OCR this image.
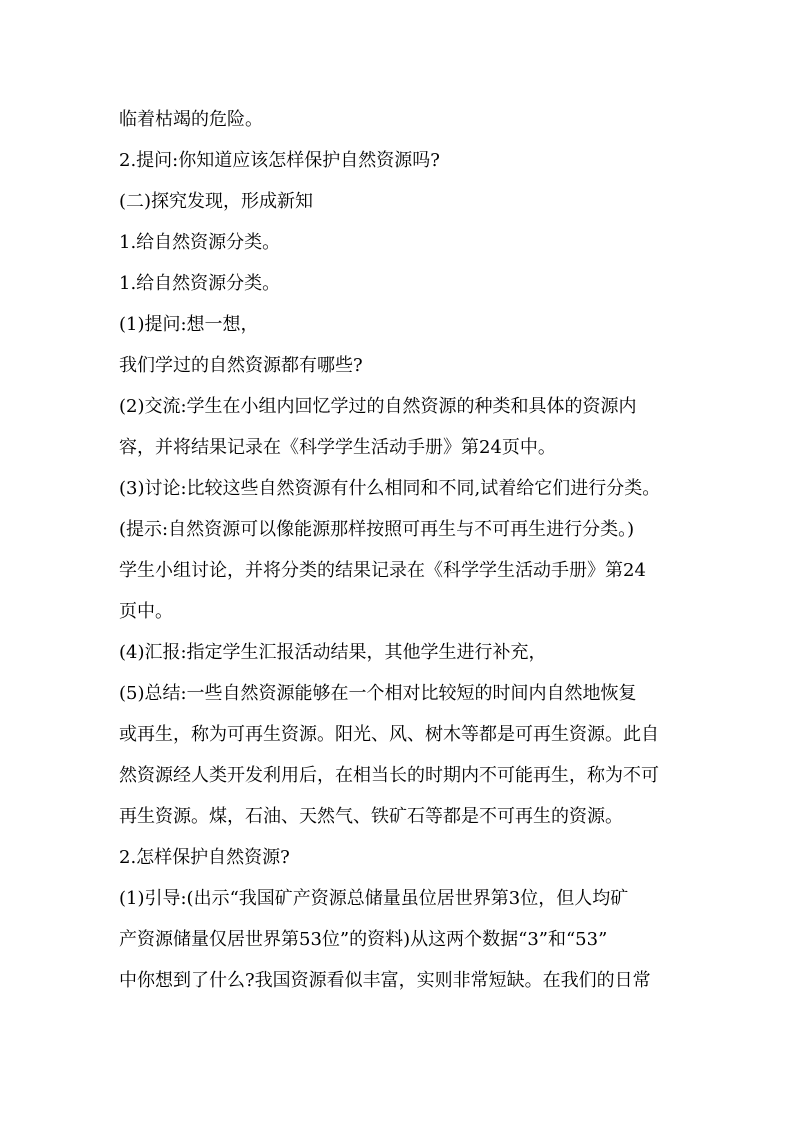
临着枯竭的危险。
2.提问:你知道应该怎样保护自然资源吗?
(二)探究发现，形成新知
1.给自然资源分类。
1.给自然资源分类。
(1)提问:想一想，
我们学过的自然资源都有哪些?
(2)交流:学生在小组内回忆学过的自然资源的种类和具体的资源内
容，并将结果记录在《科学学生活动手册》第24页中。
(3)讨论:比较这些自然资源有什么相同和不同,试着给它们进行分类。
(提示:自然资源可以像能源那样按照可再生与不可再生进行分类。)
学生小组讨论，并将分类的结果记录在《科学学生活动手册》第24
页中。
(4)汇报:指定学生汇报活动结果，其他学生进行补充，
(5)总结:一些自然资源能够在一个相对比较短的时间内自然地恢复
或再生，称为可再生资源。阳光、风、树木等都是可再生资源。此自
然资源经人类开发利用后，在相当长的时期内不可能再生，称为不可
再生资源。煤，石油、天然气、铁矿石等都是不可再生的资源。
2.怎样保护自然资源?
(1)引导:(出示“我国矿产资源总储量虽位居世界第3位，但人均矿
产资源储量仅居世界第53位”的资料)从这两个数据“3”和“53”
中你想到了什么?我国资源看似丰富，实则非常短缺。在我们的日常
